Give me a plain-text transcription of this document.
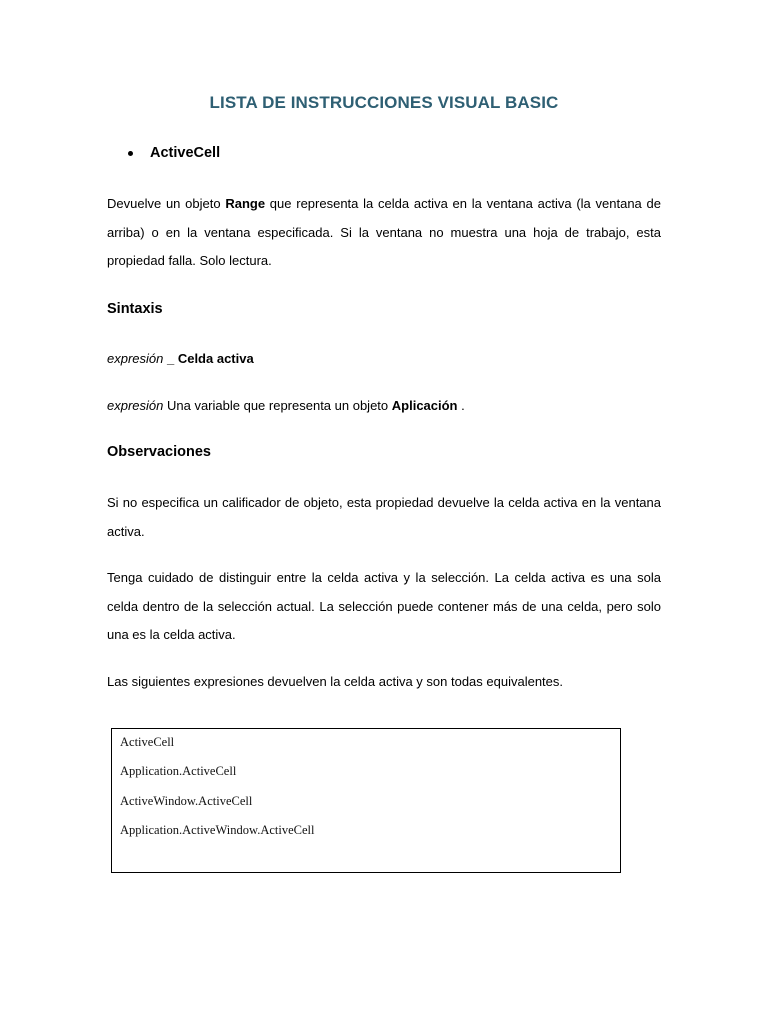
LISTA DE INSTRUCCIONES VISUAL BASIC
ActiveCell
Devuelve un objeto Range que representa la celda activa en la ventana activa (la ventana de arriba) o en la ventana especificada. Si la ventana no muestra una hoja de trabajo, esta propiedad falla. Solo lectura.
Sintaxis
expresión _ Celda activa
expresión Una variable que representa un objeto Aplicación .
Observaciones
Si no especifica un calificador de objeto, esta propiedad devuelve la celda activa en la ventana activa.
Tenga cuidado de distinguir entre la celda activa y la selección. La celda activa es una sola celda dentro de la selección actual. La selección puede contener más de una celda, pero solo una es la celda activa.
Las siguientes expresiones devuelven la celda activa y son todas equivalentes.
ActiveCell
Application.ActiveCell
ActiveWindow.ActiveCell
Application.ActiveWindow.ActiveCell
